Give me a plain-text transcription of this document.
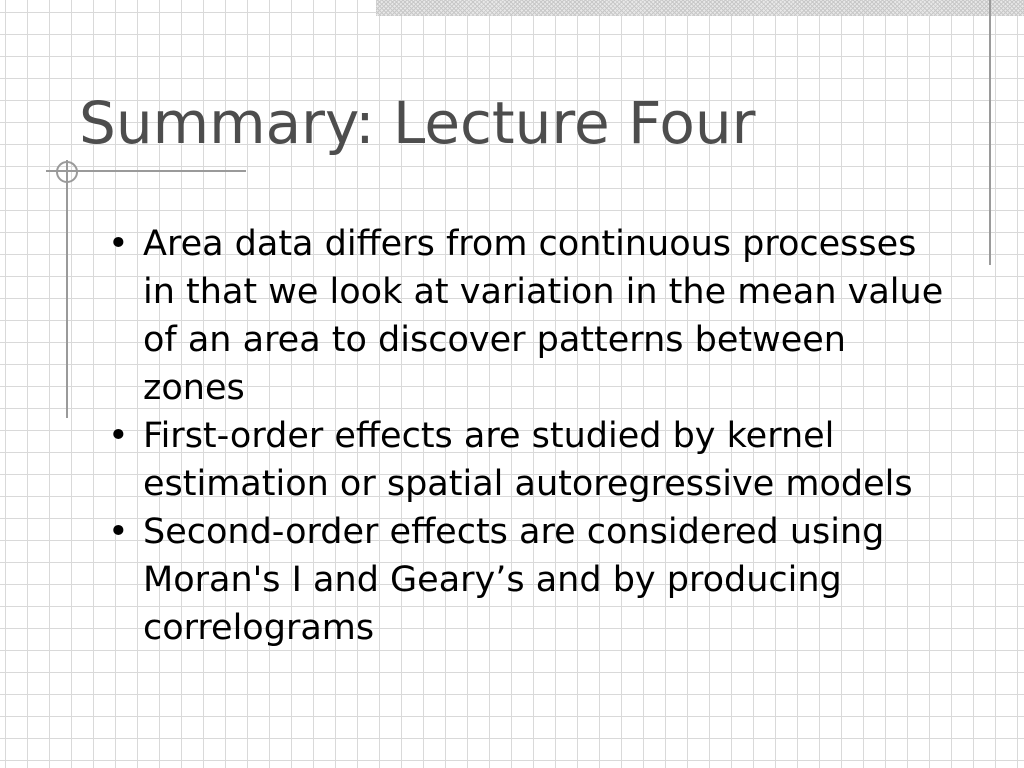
Summary: Lecture Four
• Area data differs from continuous processes in that we look at variation in the mean value of an area to discover patterns between zones
• First-order effects are studied by kernel estimation or spatial autoregressive models
• Second-order effects are considered using Moran's I and Geary’s and by producing correlograms
